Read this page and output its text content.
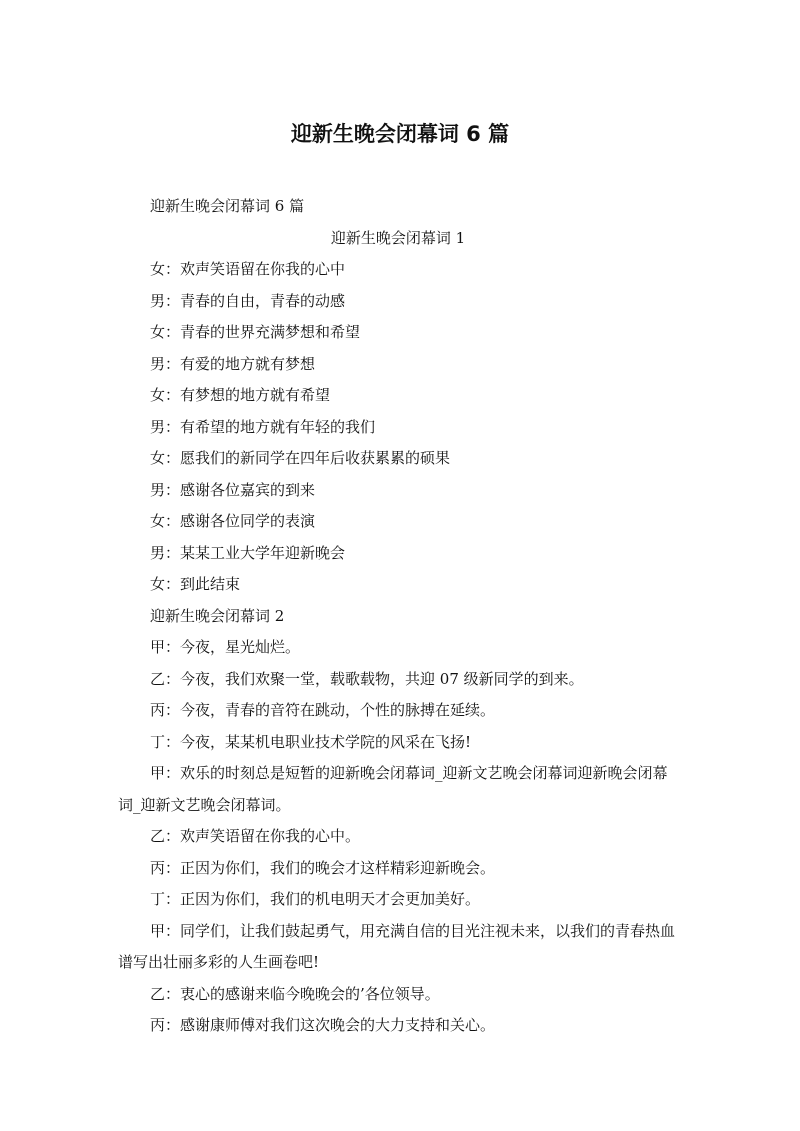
迎新生晚会闭幕词 6 篇

迎新生晚会闭幕词 6 篇

迎新生晚会闭幕词 1

女：欢声笑语留在你我的心中

男：青春的自由，青春的动感

女：青春的世界充满梦想和希望

男：有爱的地方就有梦想

女：有梦想的地方就有希望

男：有希望的地方就有年轻的我们

女：愿我们的新同学在四年后收获累累的硕果

男：感谢各位嘉宾的到来

女：感谢各位同学的表演

男：某某工业大学年迎新晚会

女：到此结束

迎新生晚会闭幕词 2

甲：今夜，星光灿烂。

乙：今夜，我们欢聚一堂，载歌载物，共迎 07 级新同学的到来。

丙：今夜，青春的音符在跳动，个性的脉搏在延续。

丁：今夜，某某机电职业技术学院的风采在飞扬!

甲：欢乐的时刻总是短暂的迎新晚会闭幕词_迎新文艺晚会闭幕词迎新晚会闭幕词_迎新文艺晚会闭幕词。

乙：欢声笑语留在你我的心中。

丙：正因为你们，我们的晚会才这样精彩迎新晚会。

丁：正因为你们，我们的机电明天才会更加美好。

甲：同学们，让我们鼓起勇气，用充满自信的目光注视未来，以我们的青春热血谱写出壮丽多彩的人生画卷吧!

乙：衷心的感谢来临今晚晚会的’各位领导。

丙：感谢康师傅对我们这次晚会的大力支持和关心。
